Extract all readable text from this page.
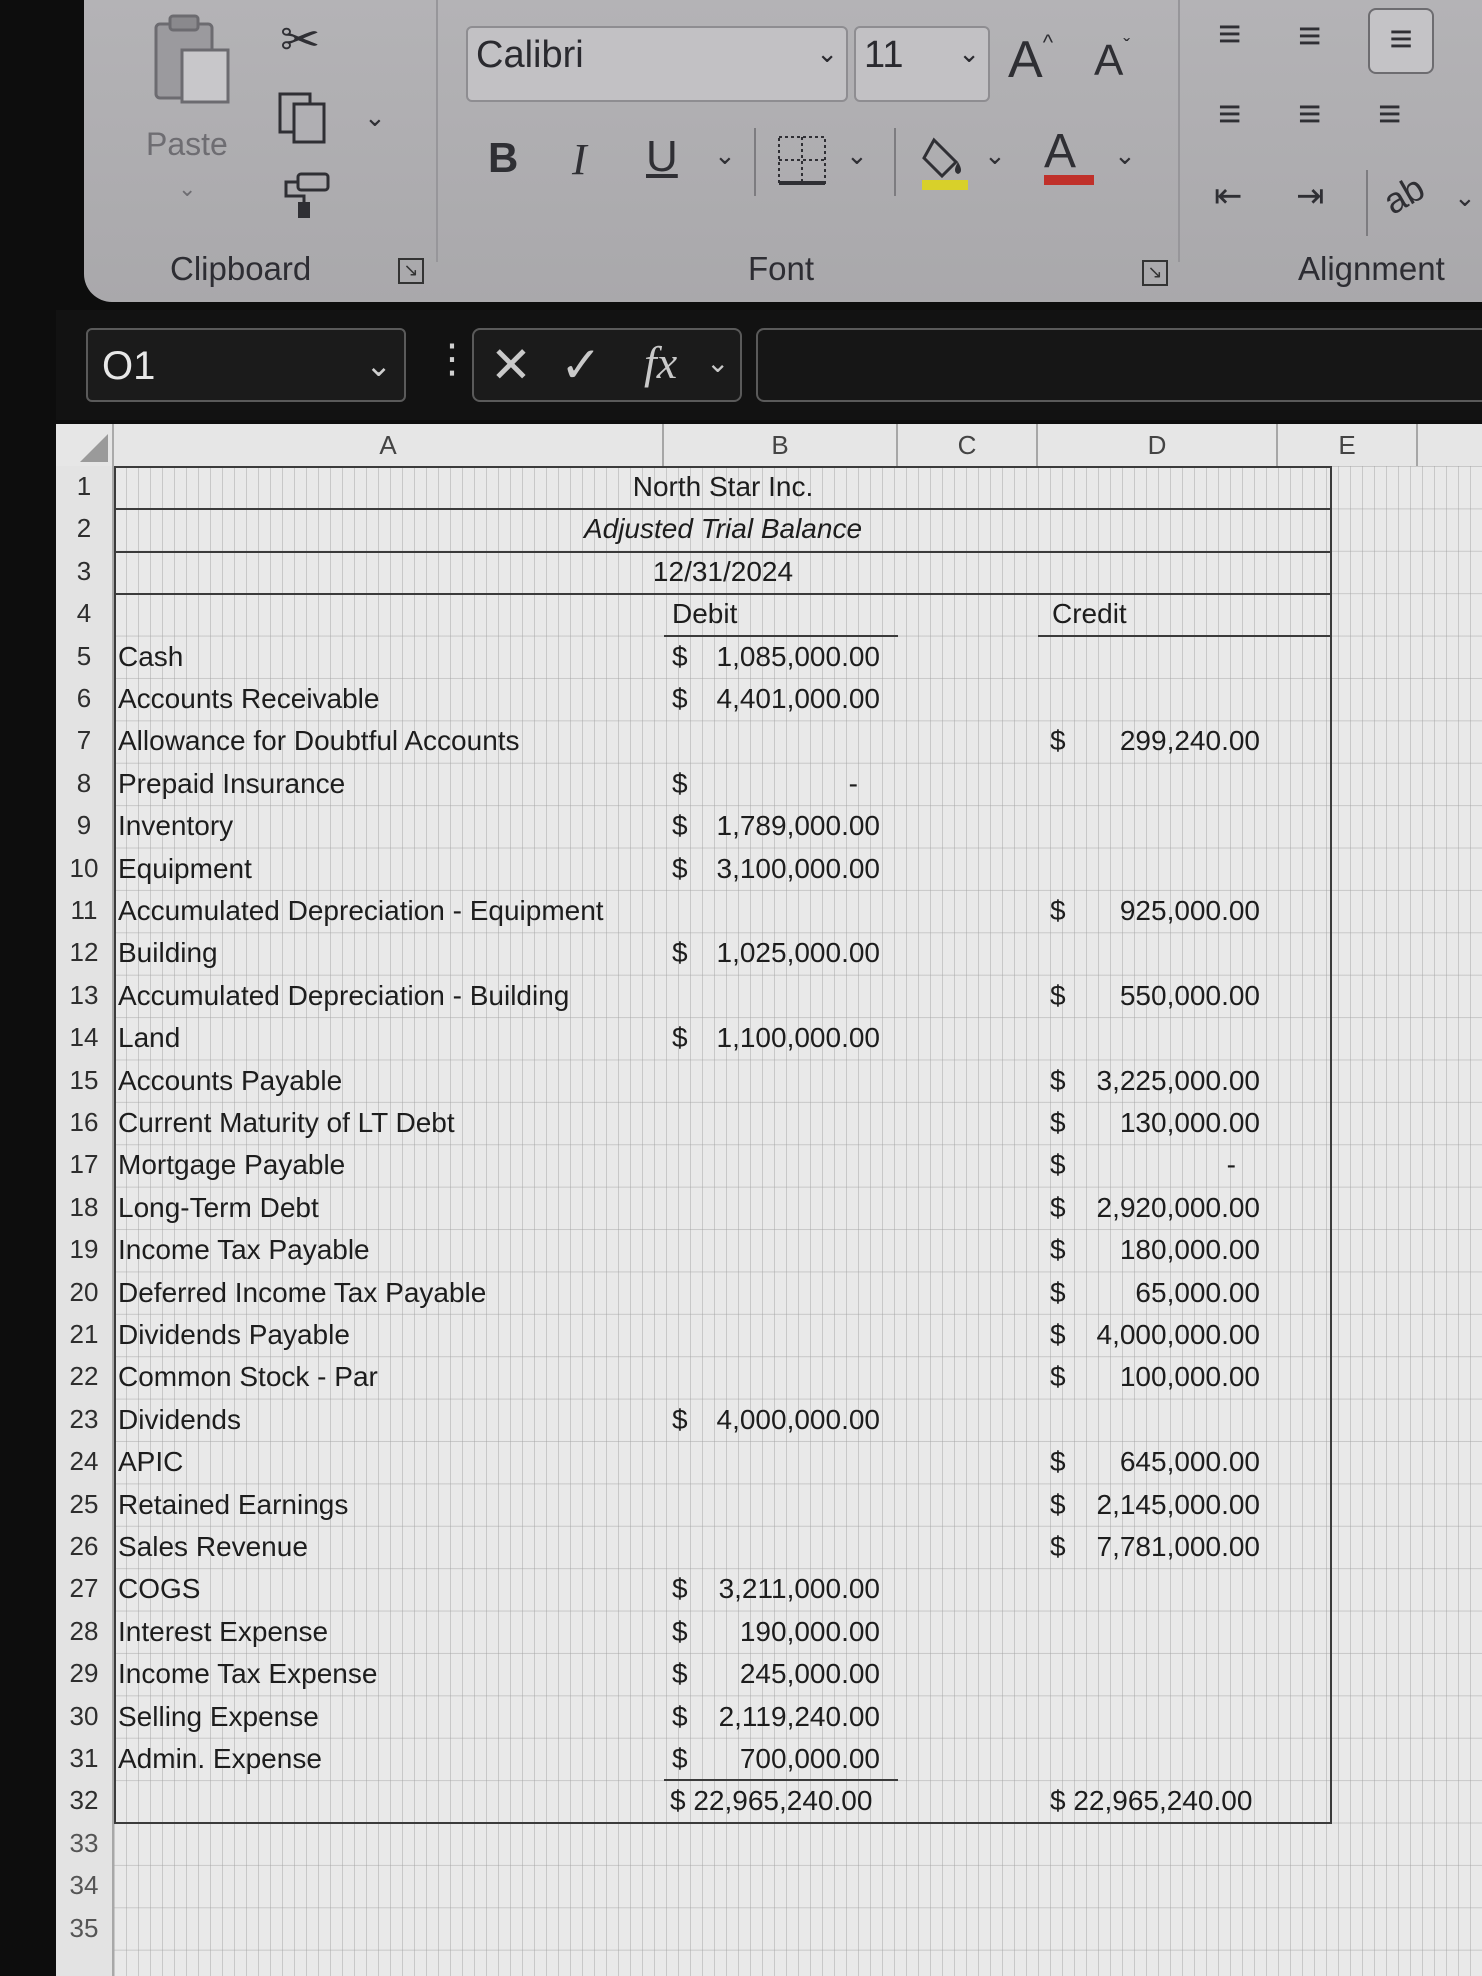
Paste
⌄
✂
⌄
Clipboard	↘
Calibri	⌄ 11 ⌄ A^ $A^ˇ$
B I U ⌄	⌄	⌄ A	⌄
Font	↘
≡ ≡	≡
≡ ≡ ≡
⇤ ⇥ ab ⌄
Alignment
O1	⌄ ⋮ ✕ ✓ fx ⌄
A	B	C	D	E
1
2
3
4
5 Cash	$	1,085,000.00
6 Accounts Receivable	$	4,401,000.00
7 Allowance for Doubtful Accounts	$	299,240.00
8 Prepaid Insurance	$	-
9 Inventory	$	1,789,000.00
10 Equipment	$	3,100,000.00
11 Accumulated Depreciation - Equipment	$	925,000.00
12 Building	$	1,025,000.00
13 Accumulated Depreciation - Building	$	550,000.00
14 Land	$	1,100,000.00
15 Accounts Payable	$	3,225,000.00
16 Current Maturity of LT Debt	$	130,000.00
17 Mortgage Payable	$	-
18 Long-Term Debt	$	2,920,000.00
19 Income Tax Payable	$	180,000.00
20 Deferred Income Tax Payable	$	65,000.00
21 Dividends Payable	$	4,000,000.00
22 Common Stock - Par	$	100,000.00
23 Dividends	$	4,000,000.00
24 APIC	$	645,000.00
25 Retained Earnings	$	2,145,000.00
26 Sales Revenue	$	7,781,000.00
27 COGS	$	3,211,000.00
28 Interest Expense	$	190,000.00
29 Income Tax Expense	$	245,000.00
30 Selling Expense	$	2,119,240.00
31 Admin. Expense	$	700,000.00
32	$ 22,965,240.00	$ 22,965,240.00
33
34
35
North Star Inc.
Adjusted Trial Balance
12/31/2024
Debit	Credit
